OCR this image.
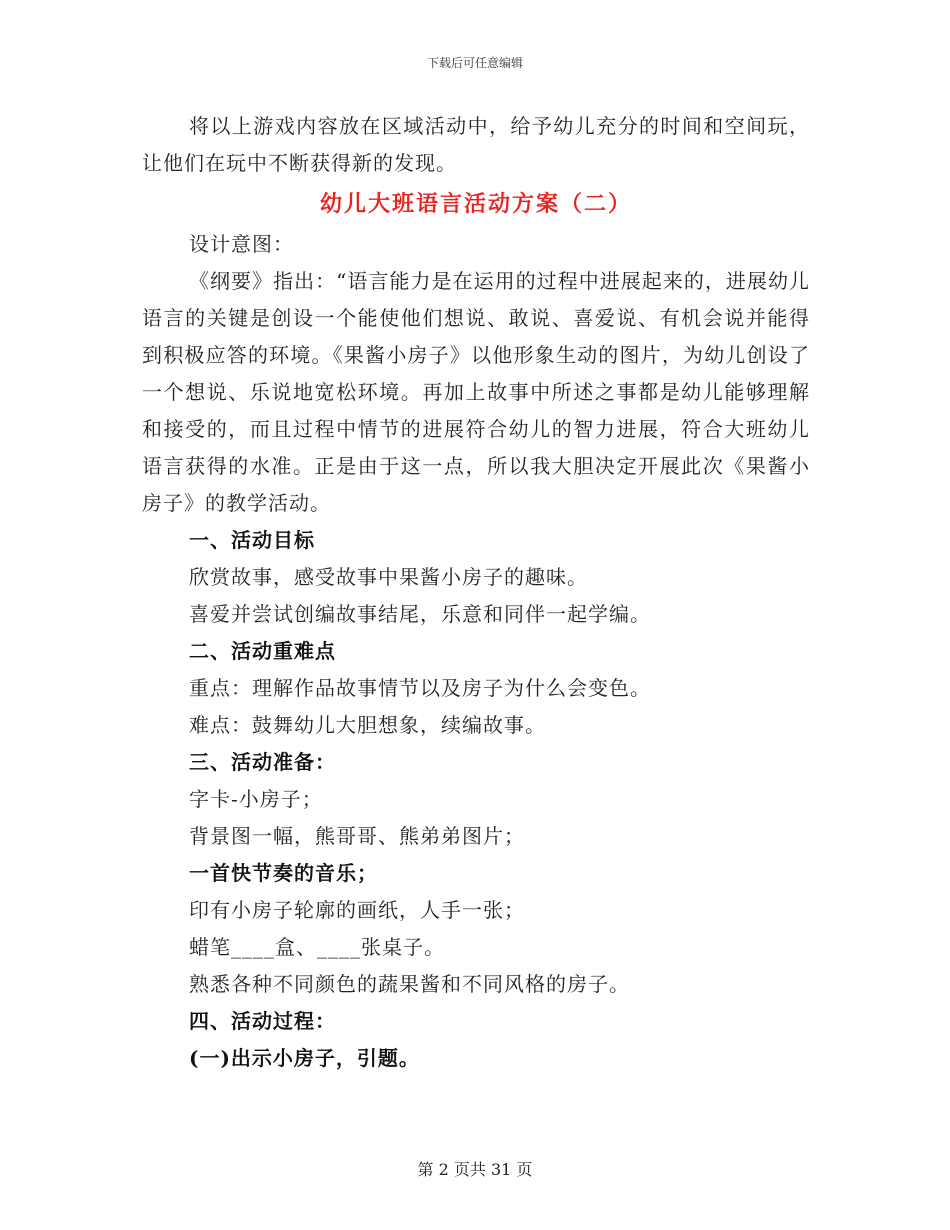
下载后可任意编辑

将以上游戏内容放在区域活动中，给予幼儿充分的时间和空间玩，让他们在玩中不断获得新的发现。

幼儿大班语言活动方案（二）

设计意图：

《纲要》指出：“语言能力是在运用的过程中进展起来的，进展幼儿语言的关键是创设一个能使他们想说、敢说、喜爱说、有机会说并能得到积极应答的环境。《果酱小房子》以他形象生动的图片，为幼儿创设了一个想说、乐说地宽松环境。再加上故事中所述之事都是幼儿能够理解和接受的，而且过程中情节的进展符合幼儿的智力进展，符合大班幼儿语言获得的水准。正是由于这一点，所以我大胆决定开展此次《果酱小房子》的教学活动。

一、活动目标

欣赏故事，感受故事中果酱小房子的趣味。

喜爱并尝试创编故事结尾，乐意和同伴一起学编。

二、活动重难点

重点：理解作品故事情节以及房子为什么会变色。

难点：鼓舞幼儿大胆想象，续编故事。

三、活动准备：

字卡-小房子；

背景图一幅，熊哥哥、熊弟弟图片；

一首快节奏的音乐；

印有小房子轮廓的画纸，人手一张；

蜡笔____盒、____张桌子。

熟悉各种不同颜色的蔬果酱和不同风格的房子。

四、活动过程：

(一)出示小房子，引题。

第 2 页共 31 页
